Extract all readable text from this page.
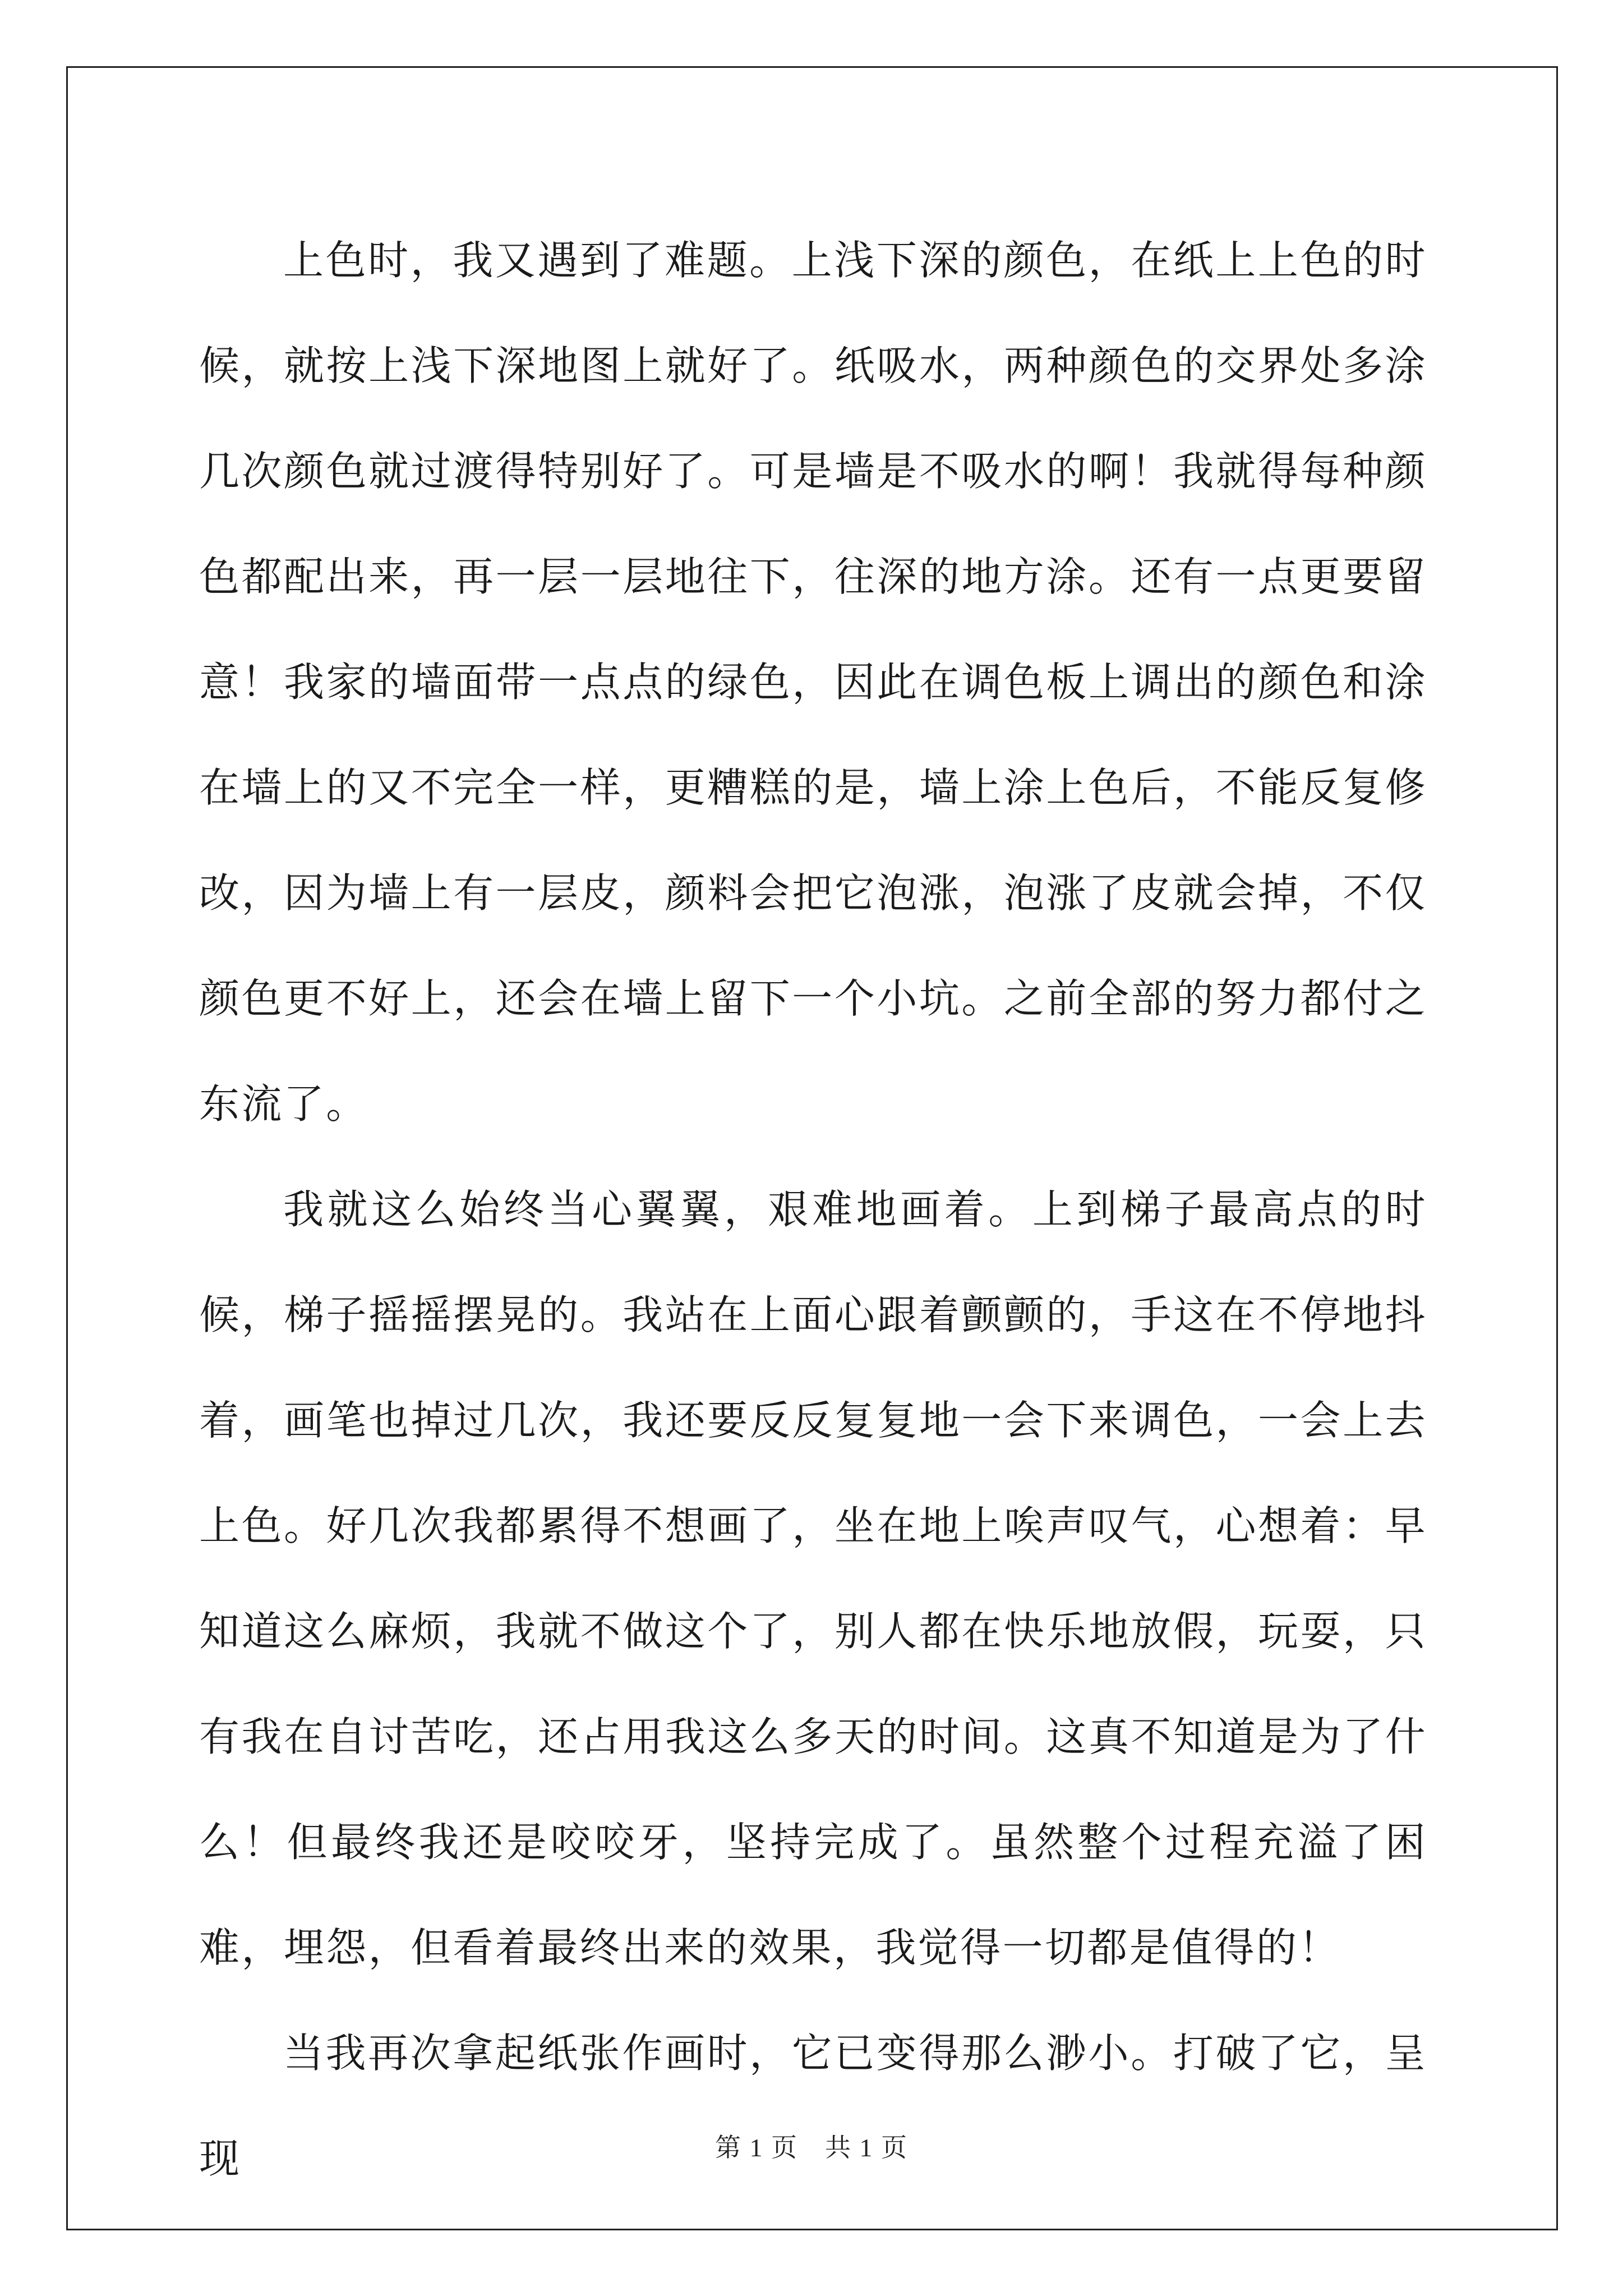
上色时，我又遇到了难题。上浅下深的颜色，在纸上上色的时候，就按上浅下深地图上就好了。纸吸水，两种颜色的交界处多涂几次颜色就过渡得特别好了。可是墙是不吸水的啊！我就得每种颜色都配出来，再一层一层地往下，往深的地方涂。还有一点更要留意！我家的墙面带一点点的绿色，因此在调色板上调出的颜色和涂在墙上的又不完全一样，更糟糕的是，墙上涂上色后，不能反复修改，因为墙上有一层皮，颜料会把它泡涨，泡涨了皮就会掉，不仅颜色更不好上，还会在墙上留下一个小坑。之前全部的努力都付之东流了。

我就这么始终当心翼翼，艰难地画着。上到梯子最高点的时候，梯子摇摇摆晃的。我站在上面心跟着颤颤的，手这在不停地抖着，画笔也掉过几次，我还要反反复复地一会下来调色，一会上去上色。好几次我都累得不想画了，坐在地上唉声叹气，心想着：早知道这么麻烦，我就不做这个了，别人都在快乐地放假，玩耍，只有我在自讨苦吃，还占用我这么多天的时间。这真不知道是为了什么！但最终我还是咬咬牙，坚持完成了。虽然整个过程充溢了困难，埋怨，但看着最终出来的效果，我觉得一切都是值得的！

当我再次拿起纸张作画时，它已变得那么渺小。打破了它，呈现	第 1 页　共 1 页
